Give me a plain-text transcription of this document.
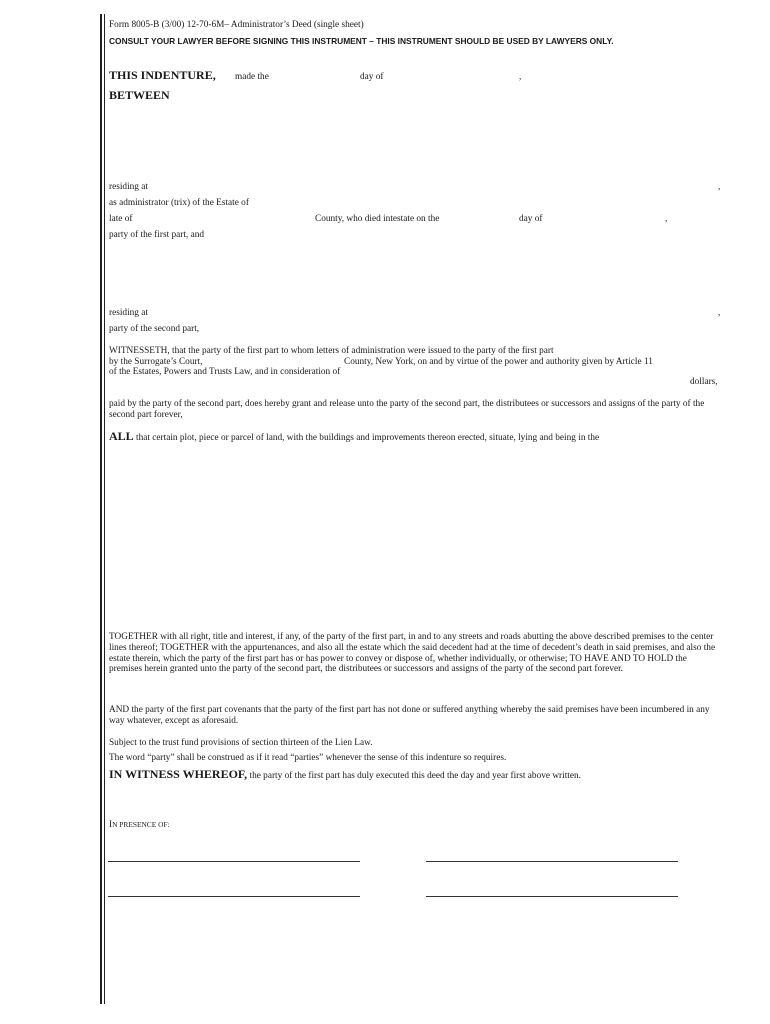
Form 8005-B (3/00) 12-70-6M– Administrator’s Deed (single sheet)
CONSULT YOUR LAWYER BEFORE SIGNING THIS INSTRUMENT – THIS INSTRUMENT SHOULD BE USED BY LAWYERS ONLY.
THIS INDENTURE, made the	day of	,
BETWEEN
residing at	,
as administrator (trix) of the Estate of
late of	County, who died intestate on the	day of	,
party of the first part, and
residing at	,
party of the second part,
WITNESSETH, that the party of the first part to whom letters of administration were issued to the party of the first part
by the Surrogate’s Court,	County, New York, on and by virtue of the power and authority given by Article 11
of the Estates, Powers and Trusts Law, and in consideration of
dollars,
paid by the party of the second part, does hereby grant and release unto the party of the second part, the distributees or successors and assigns of the party of the second part forever,
ALL that certain plot, piece or parcel of land, with the buildings and improvements thereon erected, situate, lying and being in the
TOGETHER with all right, title and interest, if any, of the party of the first part, in and to any streets and roads abutting the above described premises to the center lines thereof; TOGETHER with the appurtenances, and also all the estate which the said decedent had at the time of decedent’s death in said premises, and also the estate therein, which the party of the first part has or has power to convey or dispose of, whether individually, or otherwise; TO HAVE AND TO HOLD the premises herein granted unto the party of the second part, the distributees or successors and assigns of the party of the second part forever.
AND the party of the first part covenants that the party of the first part has not done or suffered anything whereby the said premises have been incumbered in any way whatever, except as aforesaid.
Subject to the trust fund provisions of section thirteen of the Lien Law.
The word “party” shall be construed as if it read “parties” whenever the sense of this indenture so requires.
IN WITNESS WHEREOF, the party of the first part has duly executed this deed the day and year first above written.
IN PRESENCE OF:
